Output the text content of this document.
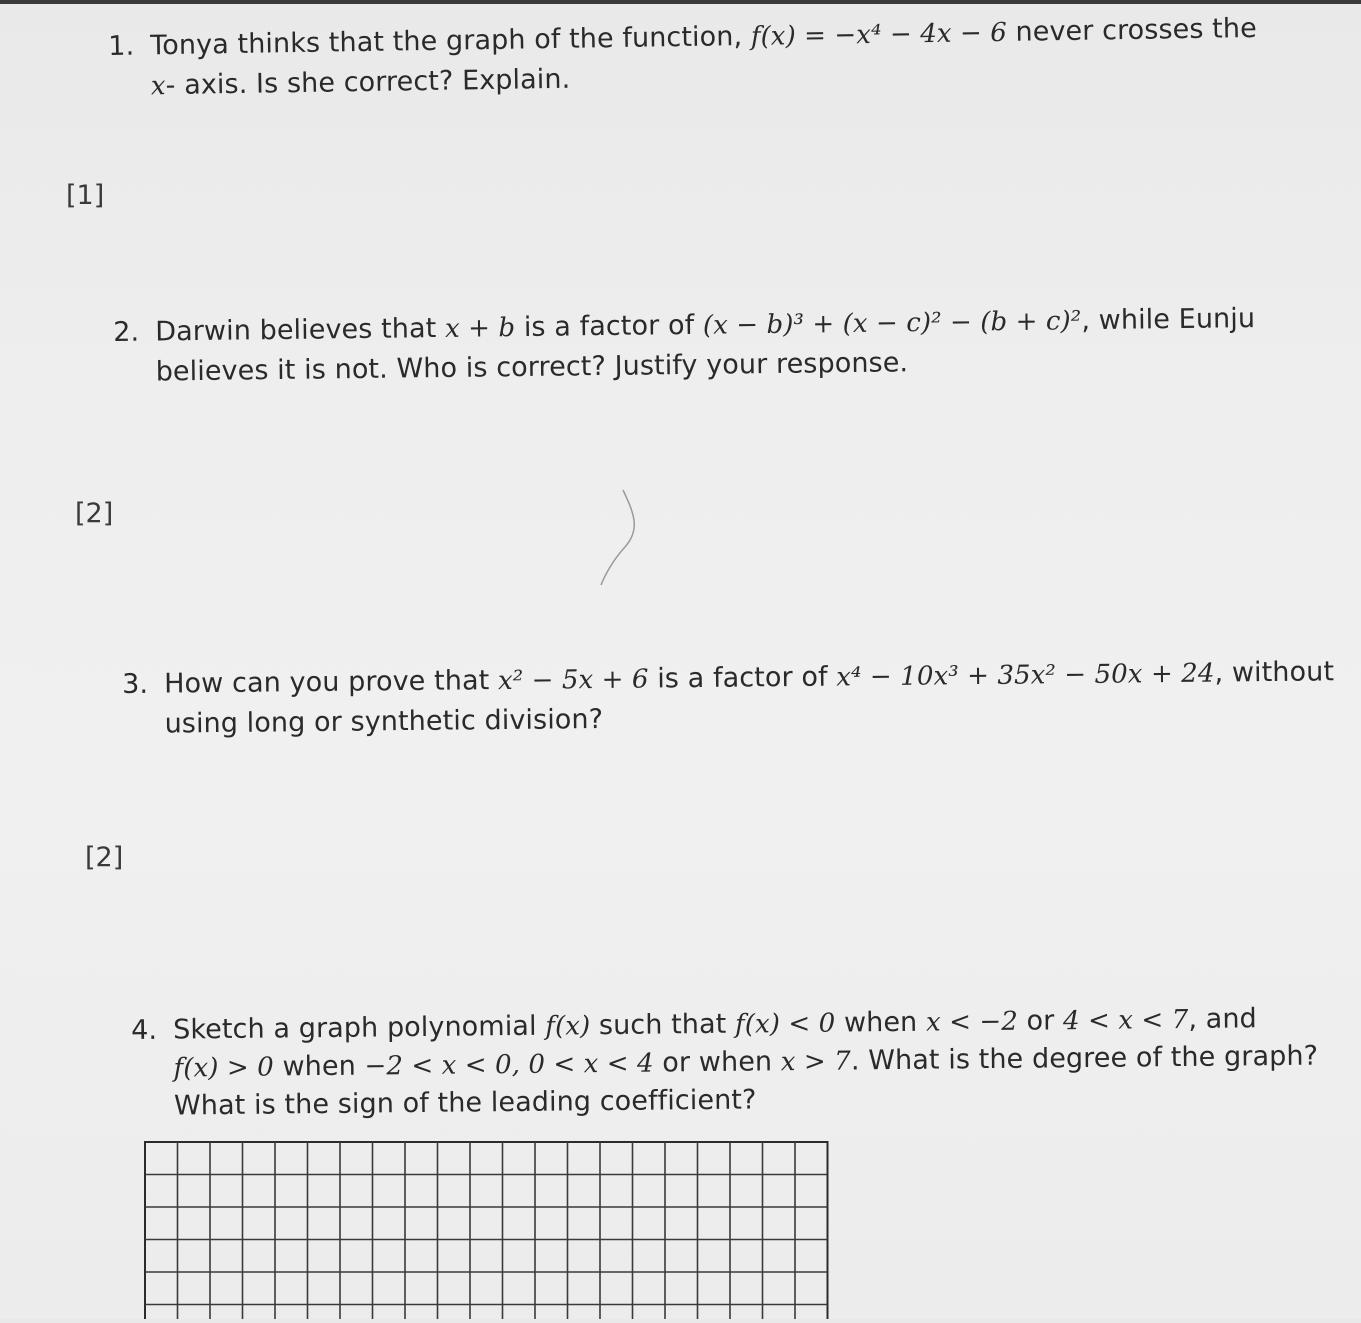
1. Tonya thinks that the graph of the function, f(x) = −x⁴ − 4x − 6 never crosses the
x- axis. Is she correct? Explain.
[1]
2. Darwin believes that x + b is a factor of (x − b)³ + (x − c)² − (b + c)², while Eunju
believes it is not. Who is correct? Justify your response.
[2]
3. How can you prove that x² − 5x + 6 is a factor of x⁴ − 10x³ + 35x² − 50x + 24, without
using long or synthetic division?
[2]
4. Sketch a graph polynomial f(x) such that f(x) < 0 when x < −2 or 4 < x < 7, and
f(x) > 0 when −2 < x < 0, 0 < x < 4 or when x > 7. What is the degree of the graph?
What is the sign of the leading coefficient?
